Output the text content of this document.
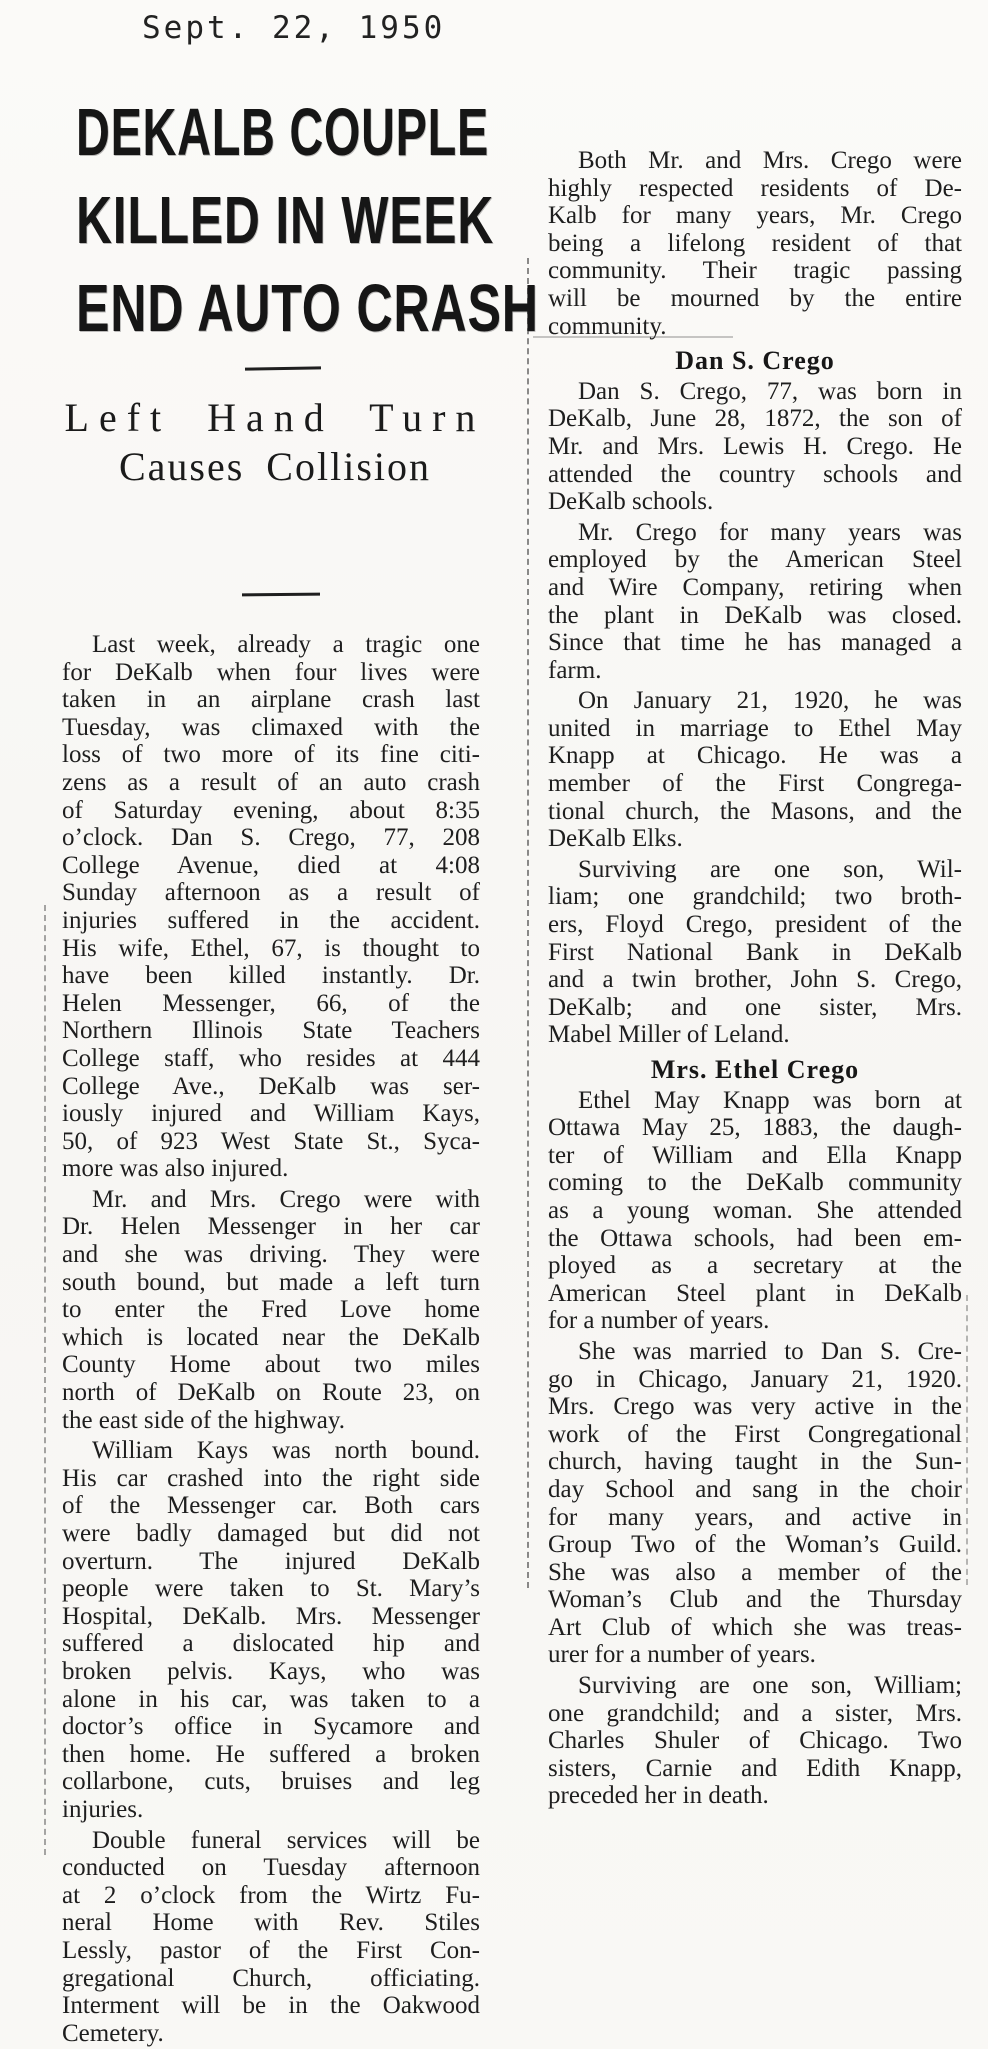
Sept. 22, 1950
DEKALB COUPLE
KILLED IN WEEK
END AUTO CRASH
Left Hand Turn
Causes Collision
Last week, already a tragic one
for DeKalb when four lives were
taken in an airplane crash last
Tuesday, was climaxed with the
loss of two more of its fine citi-
zens as a result of an auto crash
of Saturday evening, about 8:35
o’clock. Dan S. Crego, 77, 208
College Avenue, died at 4:08
Sunday afternoon as a result of
injuries suffered in the accident.
His wife, Ethel, 67, is thought to
have been killed instantly. Dr.
Helen Messenger, 66, of the
Northern Illinois State Teachers
College staff, who resides at 444
College Ave., DeKalb was ser-
iously injured and William Kays,
50, of 923 West State St., Syca-
more was also injured.
Mr. and Mrs. Crego were with
Dr. Helen Messenger in her car
and she was driving. They were
south bound, but made a left turn
to enter the Fred Love home
which is located near the DeKalb
County Home about two miles
north of DeKalb on Route 23, on
the east side of the highway.
William Kays was north bound.
His car crashed into the right side
of the Messenger car. Both cars
were badly damaged but did not
overturn. The injured DeKalb
people were taken to St. Mary’s
Hospital, DeKalb. Mrs. Messenger
suffered a dislocated hip and
broken pelvis. Kays, who was
alone in his car, was taken to a
doctor’s office in Sycamore and
then home. He suffered a broken
collarbone, cuts, bruises and leg
injuries.
Double funeral services will be
conducted on Tuesday afternoon
at 2 o’clock from the Wirtz Fu-
neral Home with Rev. Stiles
Lessly, pastor of the First Con-
gregational Church, officiating.
Interment will be in the Oakwood
Cemetery.
Both Mr. and Mrs. Crego were
highly respected residents of De-
Kalb for many years, Mr. Crego
being a lifelong resident of that
community. Their tragic passing
will be mourned by the entire
community.
Dan S. Crego
Dan S. Crego, 77, was born in
DeKalb, June 28, 1872, the son of
Mr. and Mrs. Lewis H. Crego. He
attended the country schools and
DeKalb schools.
Mr. Crego for many years was
employed by the American Steel
and Wire Company, retiring when
the plant in DeKalb was closed.
Since that time he has managed a
farm.
On January 21, 1920, he was
united in marriage to Ethel May
Knapp at Chicago. He was a
member of the First Congrega-
tional church, the Masons, and the
DeKalb Elks.
Surviving are one son, Wil-
liam; one grandchild; two broth-
ers, Floyd Crego, president of the
First National Bank in DeKalb
and a twin brother, John S. Crego,
DeKalb; and one sister, Mrs.
Mabel Miller of Leland.
Mrs. Ethel Crego
Ethel May Knapp was born at
Ottawa May 25, 1883, the daugh-
ter of William and Ella Knapp
coming to the DeKalb community
as a young woman. She attended
the Ottawa schools, had been em-
ployed as a secretary at the
American Steel plant in DeKalb
for a number of years.
She was married to Dan S. Cre-
go in Chicago, January 21, 1920.
Mrs. Crego was very active in the
work of the First Congregational
church, having taught in the Sun-
day School and sang in the choir
for many years, and active in
Group Two of the Woman’s Guild.
She was also a member of the
Woman’s Club and the Thursday
Art Club of which she was treas-
urer for a number of years.
Surviving are one son, William;
one grandchild; and a sister, Mrs.
Charles Shuler of Chicago. Two
sisters, Carnie and Edith Knapp,
preceded her in death.
